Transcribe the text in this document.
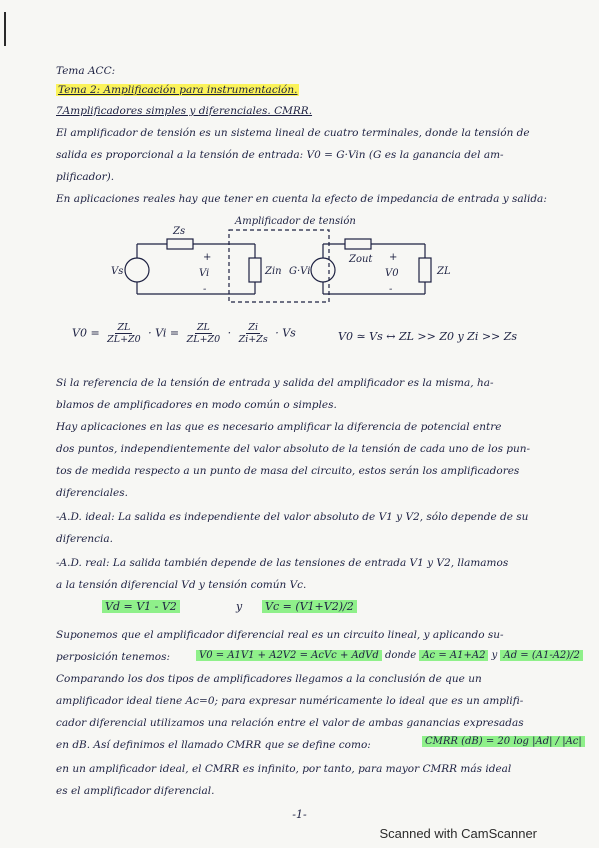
Tema ACC:
Tema 2: Amplificación para instrumentación.
7Amplificadores simples y diferenciales. CMRR.
El amplificador de tensión es un sistema lineal de cuatro terminales, donde la tensión de
salida es proporcional a la tensión de entrada: V0 = G·Vin (G es la ganancia del am-
plificador).
En aplicaciones reales hay que tener en cuenta la efecto de impedancia de entrada y salida:
Amplificador de tensión
Zs
Vs
+
Vi
-
Zin G·Vi
Zout +
V0
-
ZL
$V0 = \frac{ZL}{ZL+Z0} \cdot Vi = \frac{ZL}{ZL+Z0} \cdot \frac{Zi}{Zi+Zs} \cdot Vs$	V0 ≃ Vs ↔ ZL >> Z0 y Zi >> Zs
Si la referencia de la tensión de entrada y salida del amplificador es la misma, ha-
blamos de amplificadores en modo común o simples.
Hay aplicaciones en las que es necesario amplificar la diferencia de potencial entre
dos puntos, independientemente del valor absoluto de la tensión de cada uno de los pun-
tos de medida respecto a un punto de masa del circuito, estos serán los amplificadores
diferenciales.
-A.D. ideal: La salida es independiente del valor absoluto de V1 y V2, sólo depende de su
diferencia.
-A.D. real: La salida también depende de las tensiones de entrada V1 y V2, llamamos
a la tensión diferencial Vd y tensión común Vc.
Vd = V1 - V2	y Vc = (V1+V2)/2
Suponemos que el amplificador diferencial real es un circuito lineal, y aplicando su-
perposición tenemos:	V0 = A1V1 + A2V2 = AcVc + AdVd donde Ac = A1+A2 y Ad = (A1-A2)/2
Comparando los dos tipos de amplificadores llegamos a la conclusión de que un
amplificador ideal tiene Ac=0; para expresar numéricamente lo ideal que es un amplifi-
cador diferencial utilizamos una relación entre el valor de ambas ganancias expresadas
en dB. Así definimos el llamado CMRR que se define como:	CMRR (dB) = 20 log |Ad| / |Ac|
en un amplificador ideal, el CMRR es infinito, por tanto, para mayor CMRR más ideal
es el amplificador diferencial.
-1-
Scanned with CamScanner
